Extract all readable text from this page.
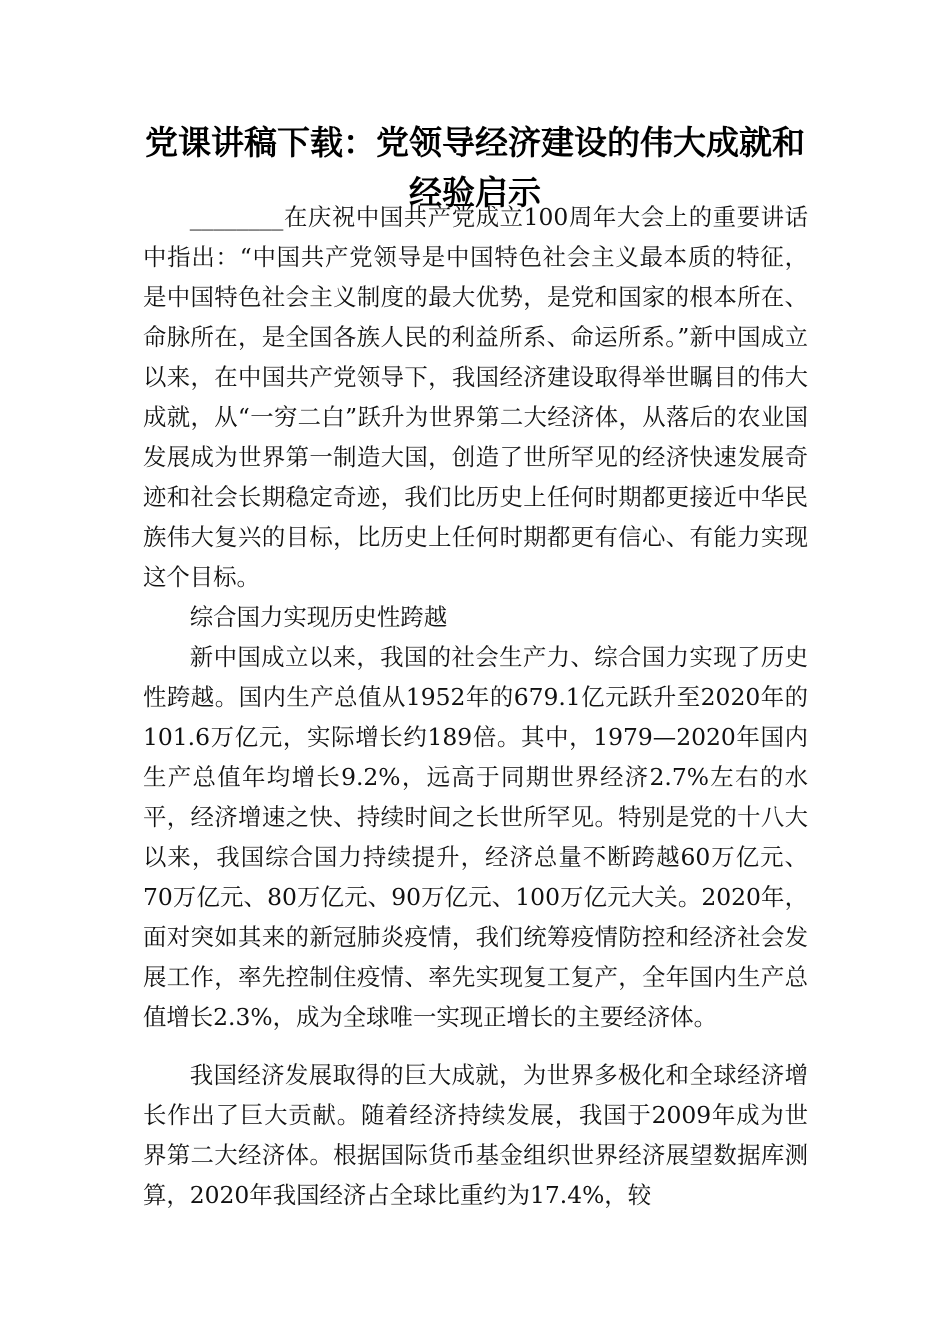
党课讲稿下载：党领导经济建设的伟大成就和经验启示

________在庆祝中国共产党成立100周年大会上的重要讲话中指出：“中国共产党领导是中国特色社会主义最本质的特征，是中国特色社会主义制度的最大优势，是党和国家的根本所在、命脉所在，是全国各族人民的利益所系、命运所系。”新中国成立以来，在中国共产党领导下，我国经济建设取得举世瞩目的伟大成就，从“一穷二白”跃升为世界第二大经济体，从落后的农业国发展成为世界第一制造大国，创造了世所罕见的经济快速发展奇迹和社会长期稳定奇迹，我们比历史上任何时期都更接近中华民族伟大复兴的目标，比历史上任何时期都更有信心、有能力实现这个目标。

综合国力实现历史性跨越

新中国成立以来，我国的社会生产力、综合国力实现了历史性跨越。国内生产总值从1952年的679.1亿元跃升至2020年的101.6万亿元，实际增长约189倍。其中，1979—2020年国内生产总值年均增长9.2%，远高于同期世界经济2.7%左右的水平，经济增速之快、持续时间之长世所罕见。特别是党的十八大以来，我国综合国力持续提升，经济总量不断跨越60万亿元、70万亿元、80万亿元、90万亿元、100万亿元大关。2020年，面对突如其来的新冠肺炎疫情，我们统筹疫情防控和经济社会发展工作，率先控制住疫情、率先实现复工复产，全年国内生产总值增长2.3%，成为全球唯一实现正增长的主要经济体。

我国经济发展取得的巨大成就，为世界多极化和全球经济增长作出了巨大贡献。随着经济持续发展，我国于2009年成为世界第二大经济体。根据国际货币基金组织世界经济展望数据库测算，2020年我国经济占全球比重约为17.4%，较
